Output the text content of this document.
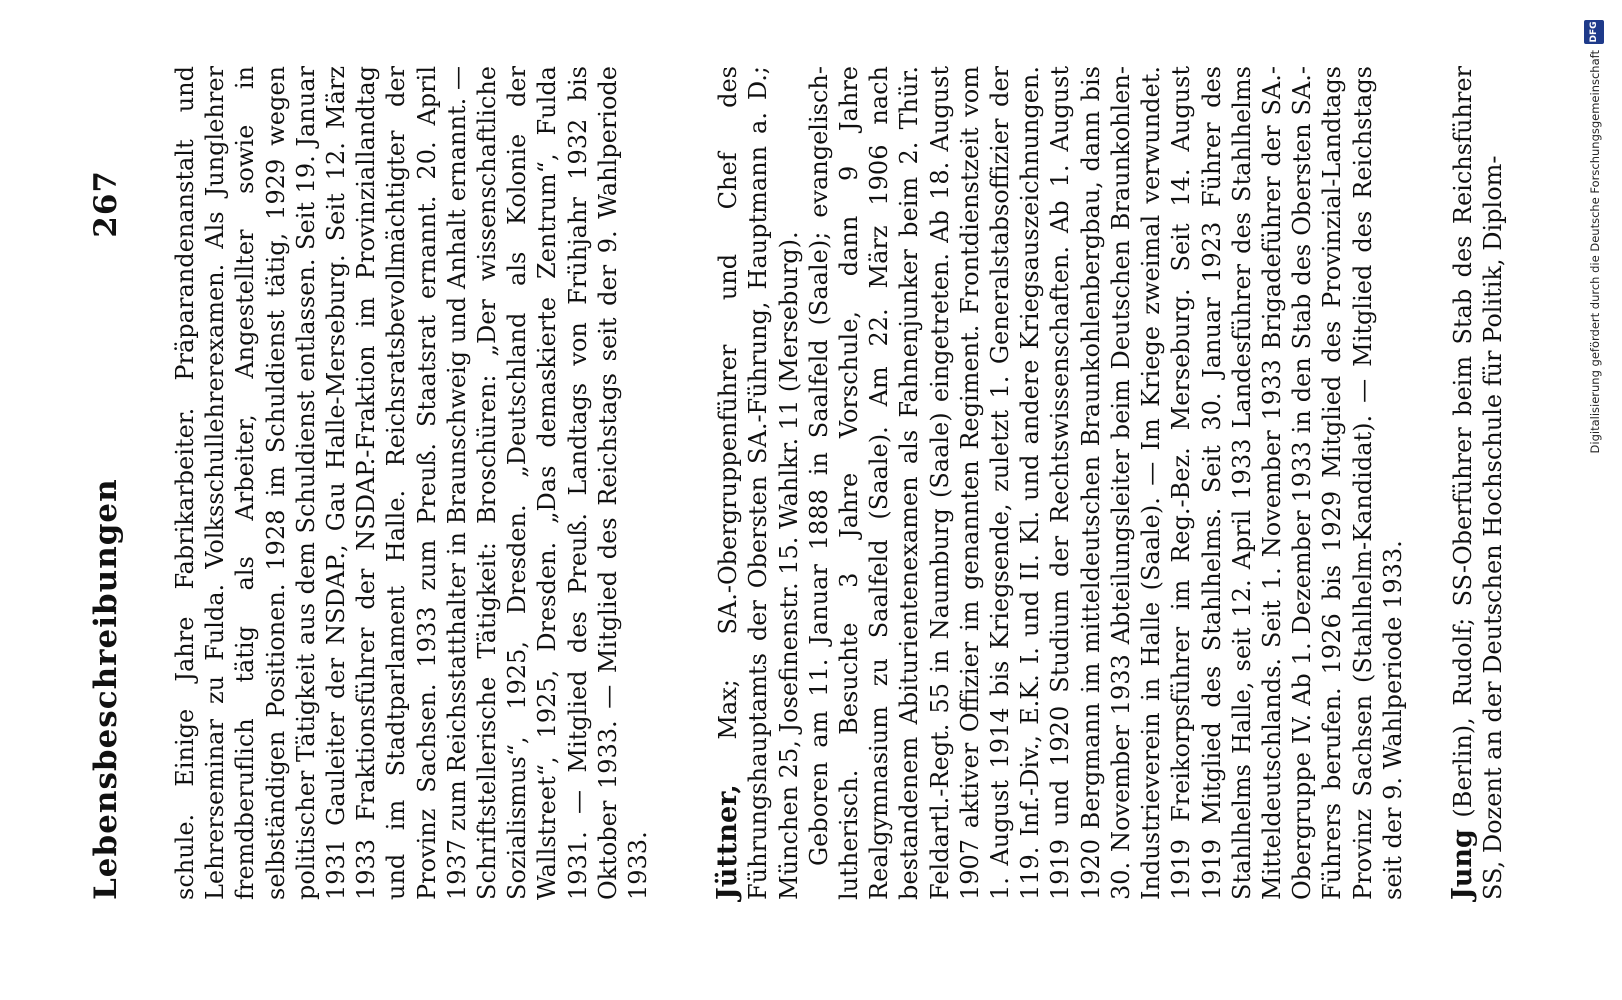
Lebensbeschreibungen
267 schule. Einige Jahre Fabrikarbeiter. Präparandenanstalt und Lehrerseminar zu Fulda. Volksschullehrerexamen. Als Junglehrer fremdberuflich tätig als Arbeiter, Angestellter sowie in selbständigen Positionen. 1928 im Schuldienst tätig, 1929 wegen politischer Tätigkeit aus dem Schuldienst entlassen. Seit 19. Januar 1931 Gauleiter der NSDAP., Gau Halle-Merseburg. Seit 12. März 1933 Fraktionsführer der NSDAP.-Fraktion im Provinziallandtag und im Stadtparlament Halle. Reichsratsbevollmächtigter der Provinz Sachsen. 1933 zum Preuß. Staatsrat ernannt. 20. April 1937 zum Reichsstatthalter in Braunschweig und Anhalt ernannt. — Schriftstellerische Tätigkeit: Broschüren: „Der wissenschaftliche Sozialismus“, 1925, Dresden. „Deutschland als Kolonie der Wallstreet“, 1925, Dresden. „Das demaskierte Zentrum“, Fulda 1931. — Mitglied des Preuß. Landtags von Frühjahr 1932 bis Oktober 1933. — Mitglied des Reichstags seit der 9. Wahlperiode 1933. Jüttner, Max; SA.-Obergruppenführer und Chef des Führungshauptamts der Obersten SA.-Führung, Hauptmann a. D.; München 25, Josefinenstr. 15. Wahlkr. 11 (Merseburg). Geboren am 11. Januar 1888 in Saalfeld (Saale); evangelisch-lutherisch. Besuchte 3 Jahre Vorschule, dann 9 Jahre Realgymnasium zu Saalfeld (Saale). Am 22. März 1906 nach bestandenem Abiturientenexamen als Fahnenjunker beim 2. Thür. Feldartl.-Regt. 55 in Naumburg (Saale) eingetreten. Ab 18. August 1907 aktiver Offizier im genannten Regiment. Frontdienstzeit vom 1. August 1914 bis Kriegsende, zuletzt 1. Generalstabsoffizier der 119. Inf.-Div., E.K. I. und II. Kl. und andere Kriegsauszeichnungen. 1919 und 1920 Studium der Rechtswissenschaften. Ab 1. August 1920 Bergmann im mitteldeutschen Braunkohlenbergbau, dann bis 30. November 1933 Abteilungsleiter beim Deutschen Braunkohlen-Industrieverein in Halle (Saale). — Im Kriege zweimal verwundet. 1919 Freikorpsführer im Reg.-Bez. Merseburg. Seit 14. August 1919 Mitglied des Stahlhelms. Seit 30. Januar 1923 Führer des Stahlhelms Halle, seit 12. April 1933 Landesführer des Stahlhelms Mitteldeutschlands. Seit 1. November 1933 Brigadeführer der SA.-Obergruppe IV. Ab 1. Dezember 1933 in den Stab des Obersten SA.-Führers berufen. 1926 bis 1929 Mitglied des Provinzial-Landtags Provinz Sachsen (Stahlhelm-Kandidat). — Mitglied des Reichstags seit der 9. Wahlperiode 1933. Jung (Berlin), Rudolf; SS-Oberführer beim Stab des Reichsführer SS, Dozent an der Deutschen Hochschule für Politik, Diplom-	Digitalisierung gefördert durch die Deutsche Forschungsgemeinschaft
DFG
